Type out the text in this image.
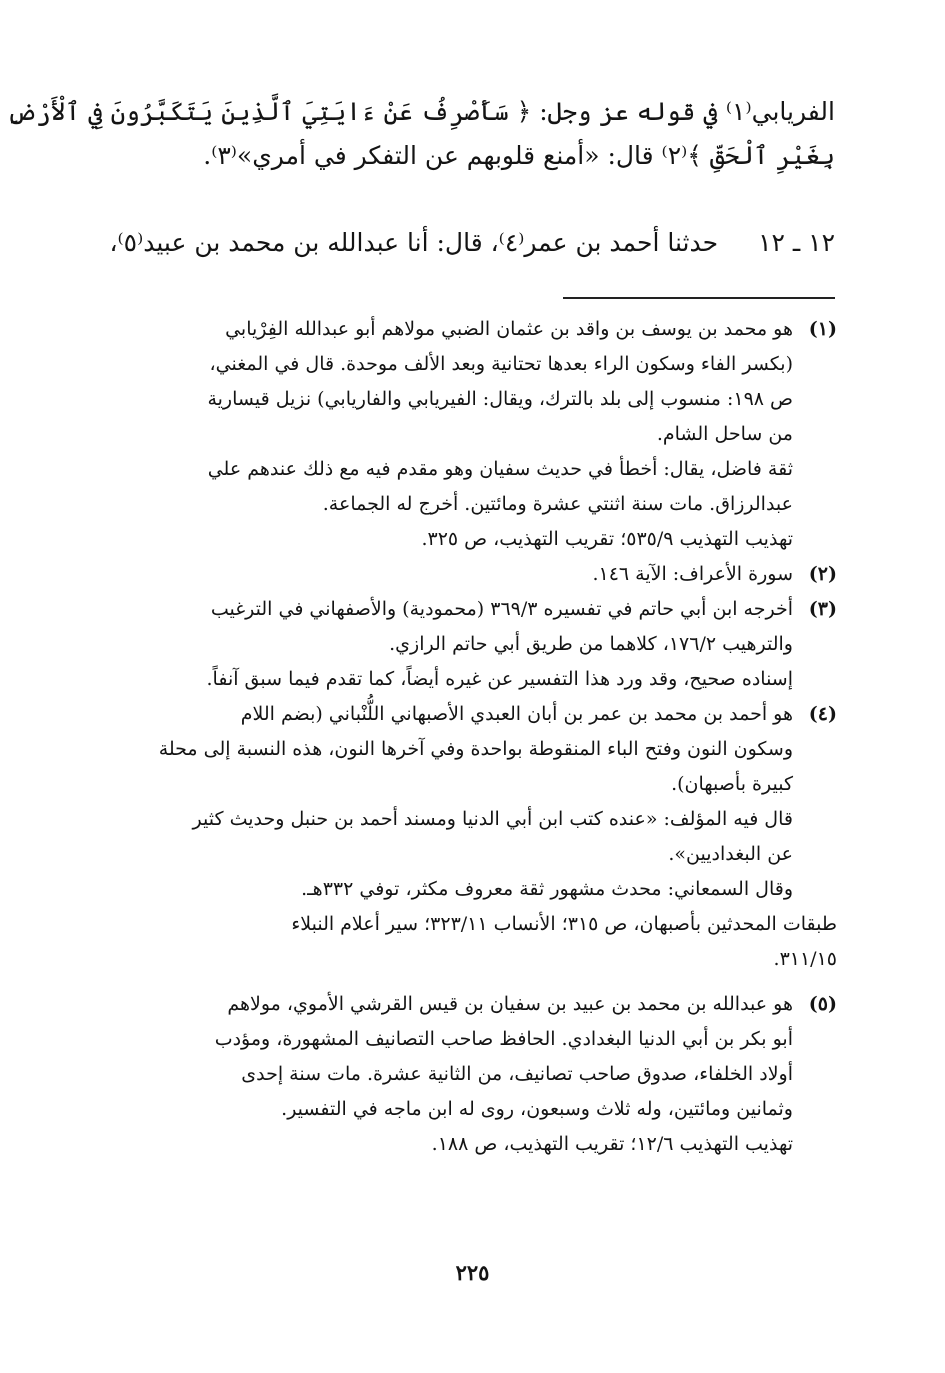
الفريابي⁽١⁾ في قوله عز وجل: ﴿ سَأَصْرِفُ عَنْ ءَايَتِيَ ٱلَّذِينَ يَتَكَبَّرُونَ فِي ٱلْأَرْضِ
بِغَيْرِ ٱلْحَقِّ ﴾⁽٢⁾ قال: «أمنع قلوبهم عن التفكر في أمري»⁽٣⁾.
١٢ ـ ١٢حدثنا أحمد بن عمر⁽٤⁾، قال: أنا عبدالله بن محمد بن عبيد⁽٥⁾،
(١)
هو محمد بن يوسف بن واقد بن عثمان الضبي مولاهم أبو عبدالله الفِرْيابي
(بكسر الفاء وسكون الراء بعدها تحتانية وبعد الألف موحدة. قال في المغني،
ص ١٩٨: منسوب إلى بلد بالترك، ويقال: الفيريابي والفاريابي) نزيل قيسارية
من ساحل الشام.
ثقة فاضل، يقال: أخطأ في حديث سفيان وهو مقدم فيه مع ذلك عندهم علي
عبدالرزاق. مات سنة اثنتي عشرة ومائتين. أخرج له الجماعة.
تهذيب التهذيب ٥٣٥/٩؛ تقريب التهذيب، ص ٣٢٥.
(٢)
سورة الأعراف: الآية ١٤٦.
(٣)
أخرجه ابن أبي حاتم في تفسيره ٣٦٩/٣ (محمودية) والأصفهاني في الترغيب
والترهيب ١٧٦/٢، كلاهما من طريق أبي حاتم الرازي.
إسناده صحيح، وقد ورد هذا التفسير عن غيره أيضاً، كما تقدم فيما سبق آنفاً.
(٤)
هو أحمد بن محمد بن عمر بن أبان العبدي الأصبهاني اللُّنْباني (بضم اللام
وسكون النون وفتح الباء المنقوطة بواحدة وفي آخرها النون، هذه النسبة إلى محلة
كبيرة بأصبهان).
قال فيه المؤلف: «عنده كتب ابن أبي الدنيا ومسند أحمد بن حنبل وحديث كثير
عن البغداديين».
وقال السمعاني: محدث مشهور ثقة معروف مكثر، توفي ٣٣٢هـ.
طبقات المحدثين بأصبهان، ص ٣١٥؛ الأنساب ٣٢٣/١١؛ سير أعلام النبلاء
٣١١/١٥.
(٥)
هو عبدالله بن محمد بن عبيد بن سفيان بن قيس القرشي الأموي، مولاهم
أبو بكر بن أبي الدنيا البغدادي. الحافظ صاحب التصانيف المشهورة، ومؤدب
أولاد الخلفاء، صدوق صاحب تصانيف، من الثانية عشرة. مات سنة إحدى
وثمانين ومائتين، وله ثلاث وسبعون، روى له ابن ماجه في التفسير.
تهذيب التهذيب ١٢/٦؛ تقريب التهذيب، ص ١٨٨.
٢٢٥
